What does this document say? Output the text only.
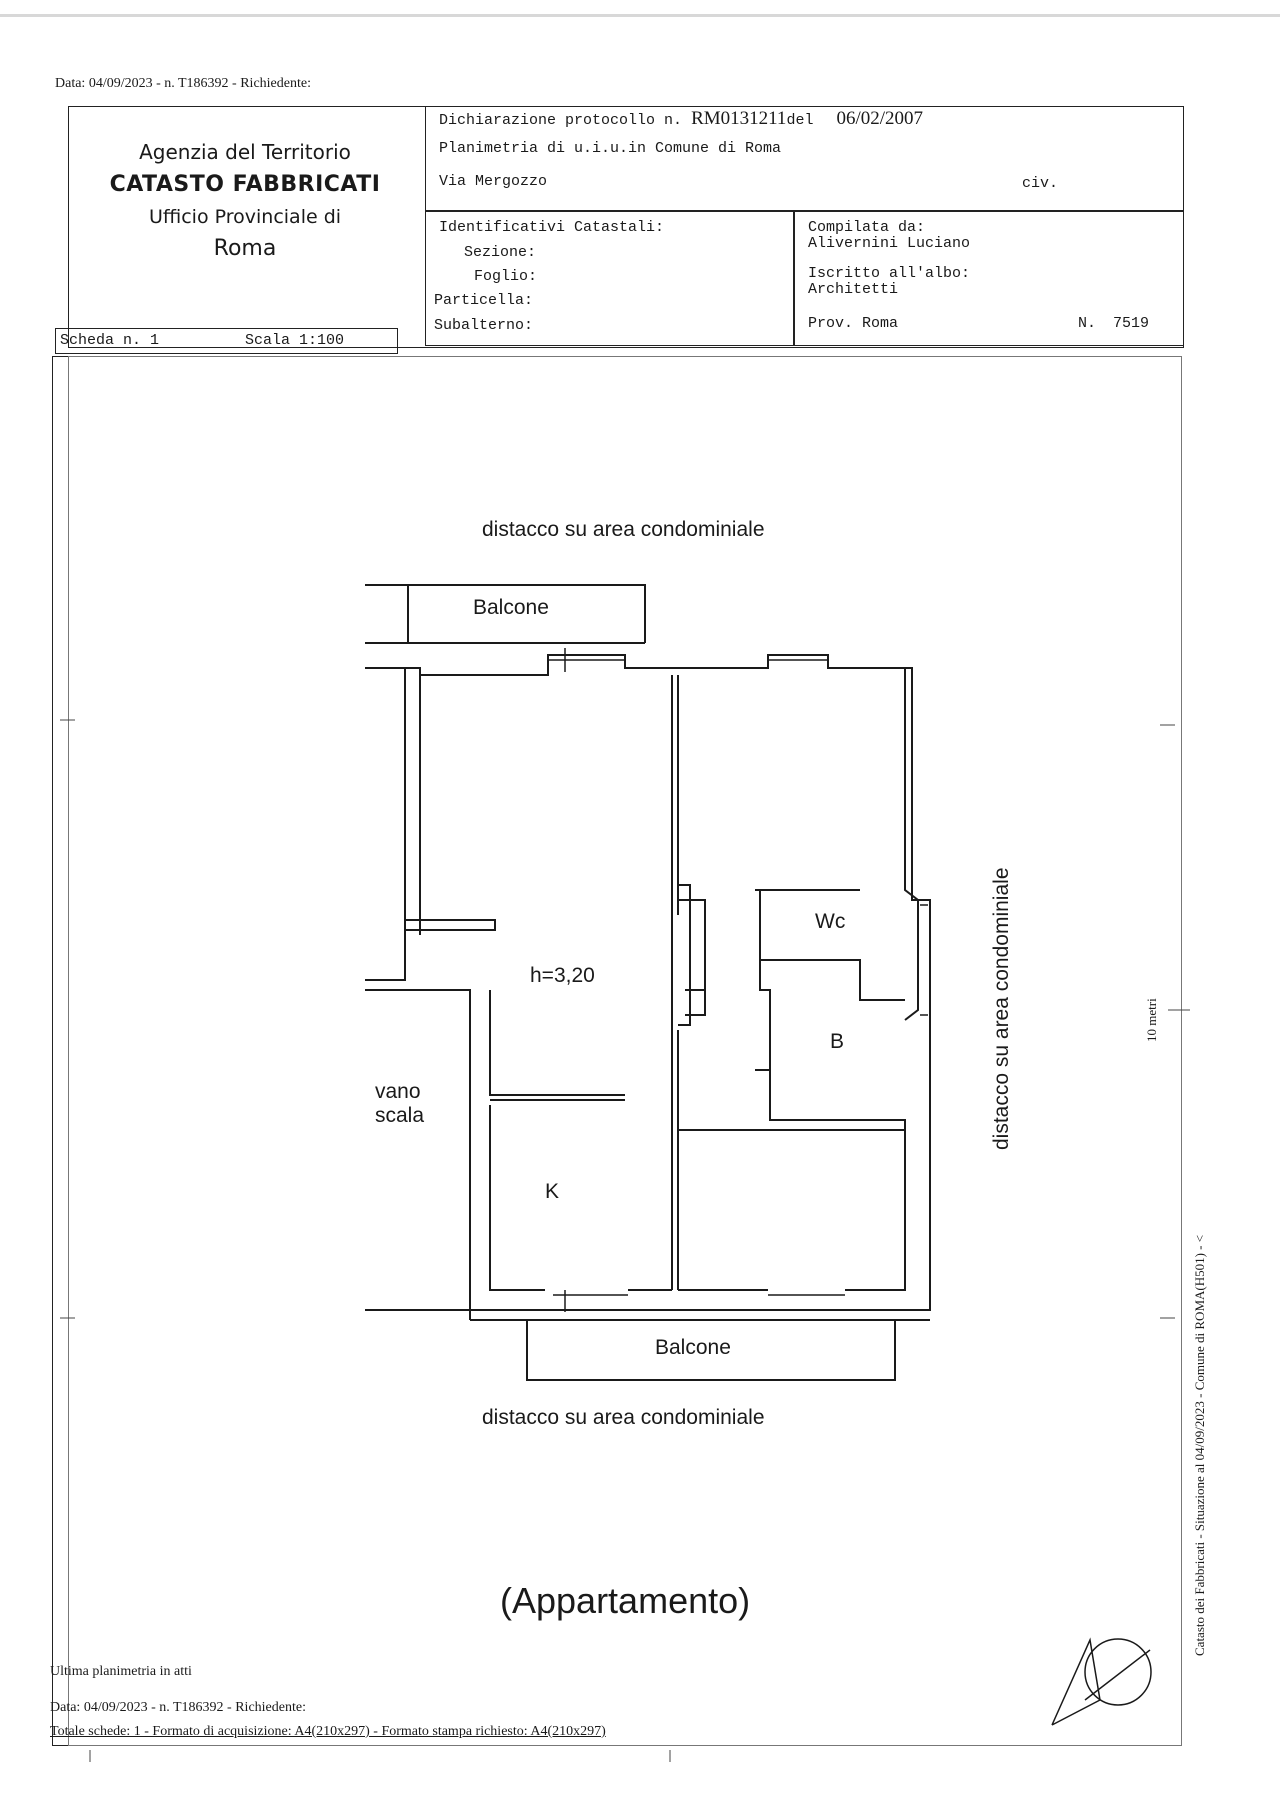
Data: 04/09/2023 - n. T186392 - Richiedente:
Agenzia del Territorio
CATASTO FABBRICATI
Ufficio Provinciale di
Roma
Dichiarazione protocollo n. RM0131211del 06/02/2007
Planimetria di u.i.u.in Comune di Roma
Via Mergozzo	civ.
Identificativi Catastali:
Sezione:
Foglio:
Particella:
Subalterno:
Compilata da:
Alivernini Luciano
Iscritto all'albo:
Architetti
Prov. Roma	N. 7519
Scheda n. 1	Scala 1:100
distacco su area condominiale
Balcone
h=3,20
Wc
B
K
vano
scala
Balcone
distacco su area condominiale
distacco su area condominiale	10 metri
(Appartamento)	Catasto dei Fabbricati - Situazione al 04/09/2023 - Comune di ROMA(H501) - <
Ultima planimetria in atti
Data: 04/09/2023 - n. T186392 - Richiedente:
Totale schede: 1 - Formato di acquisizione: A4(210x297) - Formato stampa richiesto: A4(210x297)
